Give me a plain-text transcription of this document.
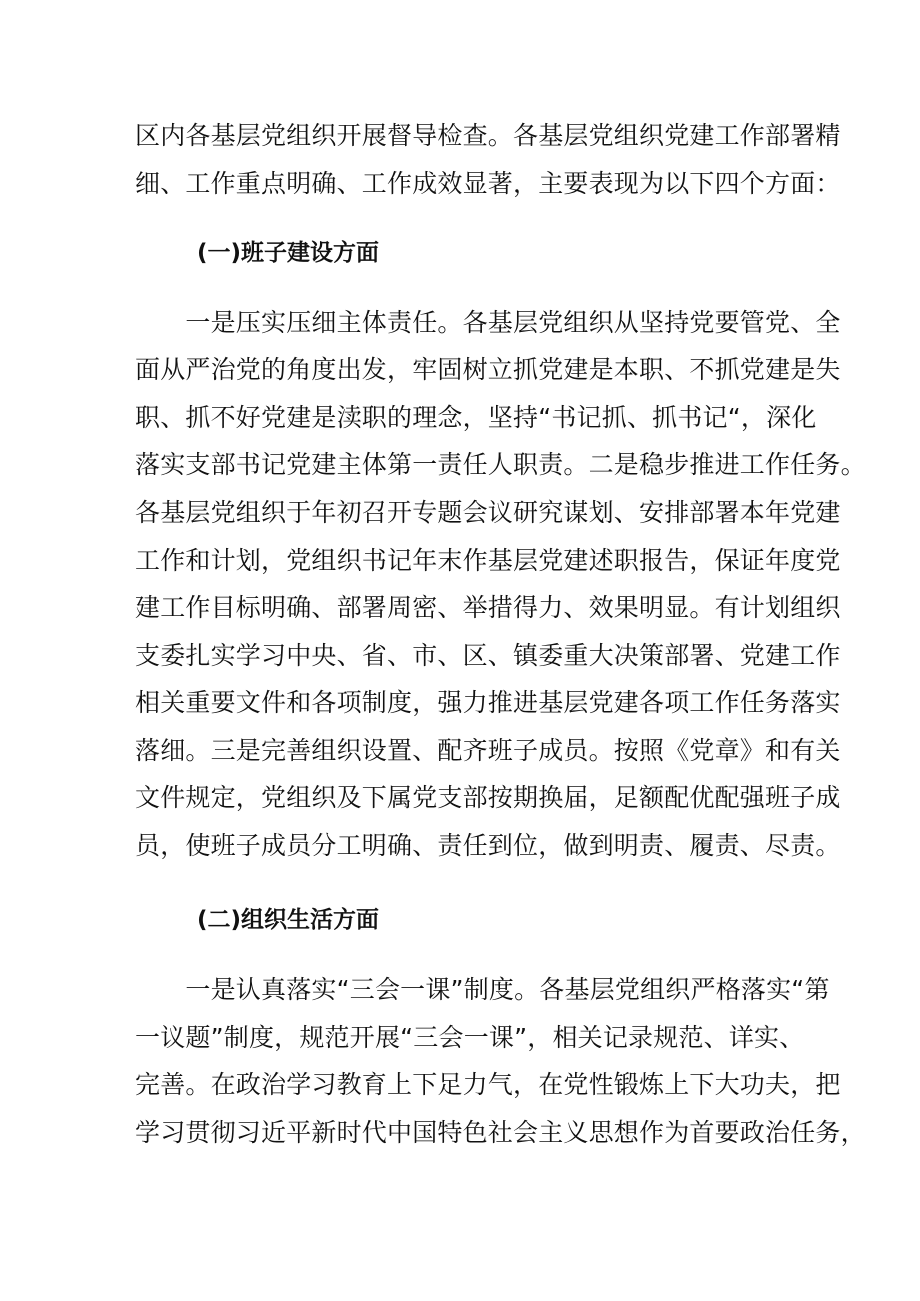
区内各基层党组织开展督导检查。各基层党组织党建工作部署精
细、工作重点明确、工作成效显著，主要表现为以下四个方面：
(一)班子建设方面
　　一是压实压细主体责任。各基层党组织从坚持党要管党、全
面从严治党的角度出发，牢固树立抓党建是本职、不抓党建是失
职、抓不好党建是渎职的理念，坚持“书记抓、抓书记“，深化
落实支部书记党建主体第一责任人职责。二是稳步推进工作任务。
各基层党组织于年初召开专题会议研究谋划、安排部署本年党建
工作和计划，党组织书记年末作基层党建述职报告，保证年度党
建工作目标明确、部署周密、举措得力、效果明显。有计划组织
支委扎实学习中央、省、市、区、镇委重大决策部署、党建工作
相关重要文件和各项制度，强力推进基层党建各项工作任务落实
落细。三是完善组织设置、配齐班子成员。按照《党章》和有关
文件规定，党组织及下属党支部按期换届，足额配优配强班子成
员，使班子成员分工明确、责任到位，做到明责、履责、尽责。
(二)组织生活方面
　　一是认真落实“三会一课”制度。各基层党组织严格落实“第
一议题”制度，规范开展“三会一课”，相关记录规范、详实、
完善。在政治学习教育上下足力气，在党性锻炼上下大功夫，把
学习贯彻习近平新时代中国特色社会主义思想作为首要政治任务，
